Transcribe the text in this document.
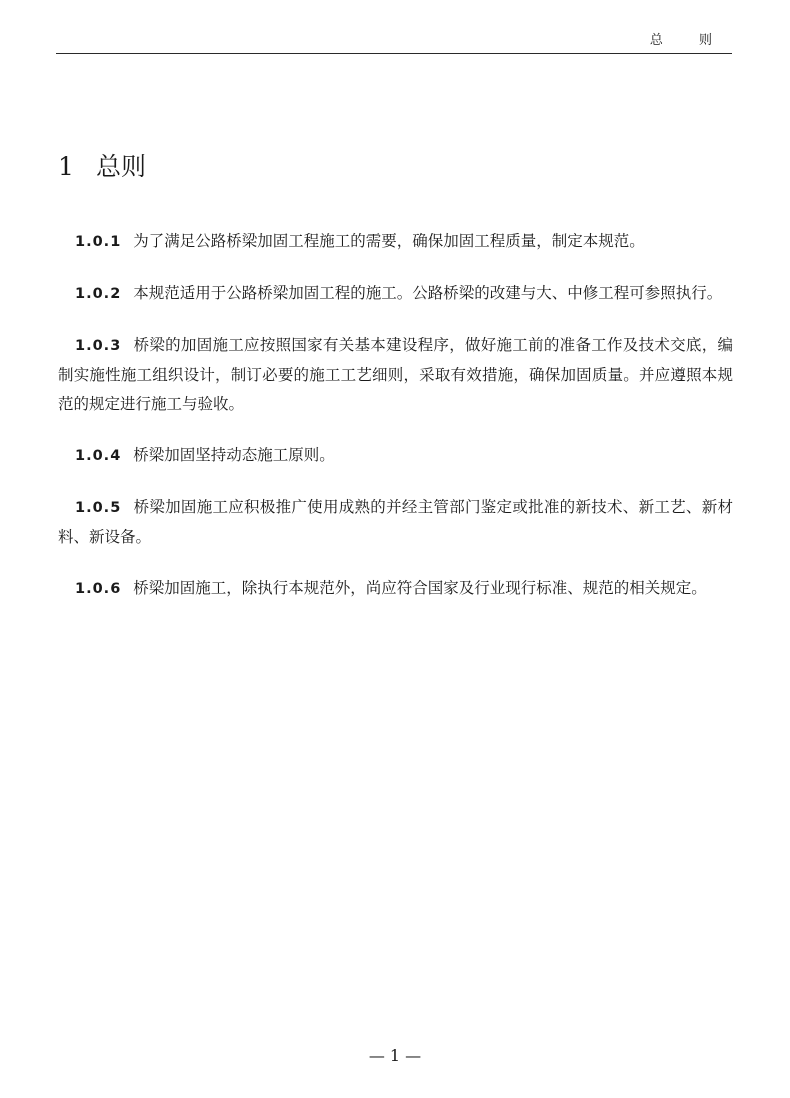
总 则
1 总则

1.0.1 为了满足公路桥梁加固工程施工的需要，确保加固工程质量，制定本规范。

1.0.2 本规范适用于公路桥梁加固工程的施工。公路桥梁的改建与大、中修工程可参照执行。

1.0.3 桥梁的加固施工应按照国家有关基本建设程序，做好施工前的准备工作及技术交底，编制实施性施工组织设计，制订必要的施工工艺细则，采取有效措施，确保加固质量。并应遵照本规范的规定进行施工与验收。

1.0.4 桥梁加固坚持动态施工原则。

1.0.5 桥梁加固施工应积极推广使用成熟的并经主管部门鉴定或批准的新技术、新工艺、新材料、新设备。

1.0.6 桥梁加固施工，除执行本规范外，尚应符合国家及行业现行标准、规范的相关规定。

— 1 —
